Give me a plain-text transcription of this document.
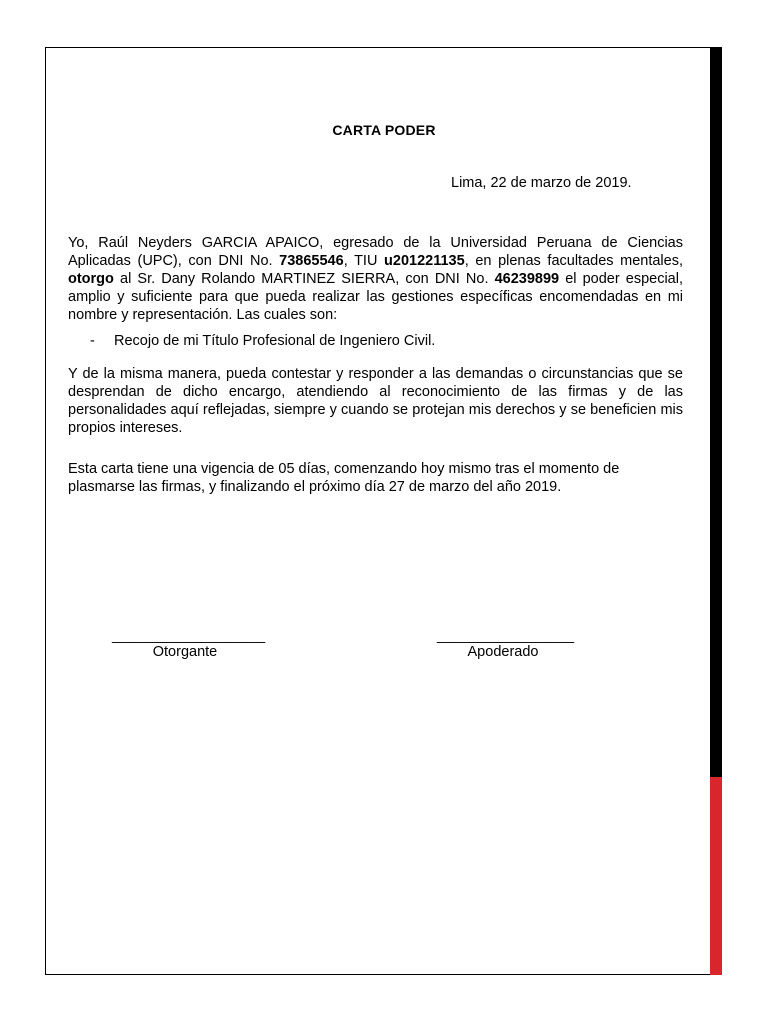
CARTA PODER
Lima, 22 de marzo de 2019.

Yo, Raúl Neyders GARCIA APAICO, egresado de la Universidad Peruana de Ciencias Aplicadas (UPC), con DNI No. 73865546, TIU u201221135, en plenas facultades mentales, otorgo al Sr. Dany Rolando MARTINEZ SIERRA, con DNI No. 46239899 el poder especial, amplio y suficiente para que pueda realizar las gestiones específicas encomendadas en mi nombre y representación. Las cuales son:

- Recojo de mi Título Profesional de Ingeniero Civil.

Y de la misma manera, pueda contestar y responder a las demandas o circunstancias que se desprendan de dicho encargo, atendiendo al reconocimiento de las firmas y de las personalidades aquí reflejadas, siempre y cuando se protejan mis derechos y se beneficien mis propios intereses.

Esta carta tiene una vigencia de 05 días, comenzando hoy mismo tras el momento de plasmarse las firmas, y finalizando el próximo día 27 de marzo del año 2019.

___________________
Otorgante
_________________
Apoderado
